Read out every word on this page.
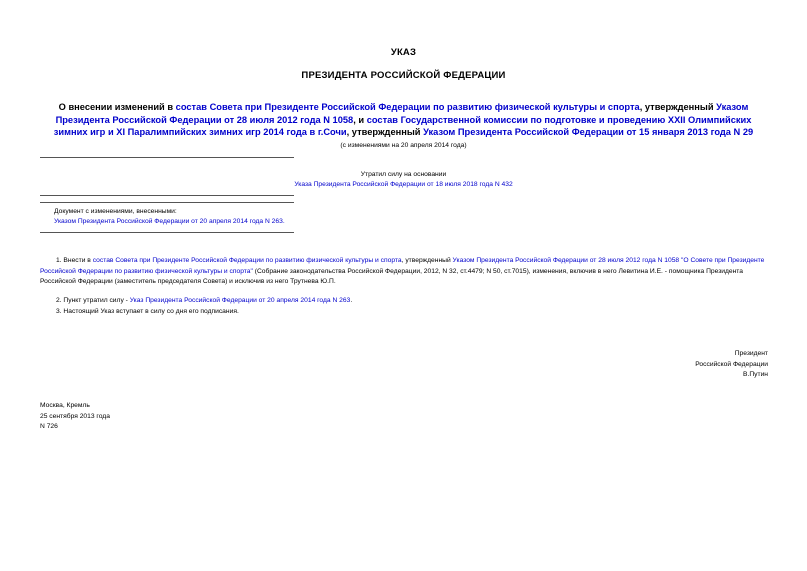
УКАЗ
ПРЕЗИДЕНТА РОССИЙСКОЙ ФЕДЕРАЦИИ
О внесении изменений в состав Совета при Президенте Российской Федерации по развитию физической культуры и спорта, утвержденный Указом Президента Российской Федерации от 28 июля 2012 года N 1058, и состав Государственной комиссии по подготовке и проведению XXII Олимпийских зимних игр и XI Паралимпийских зимних игр 2014 года в г.Сочи, утвержденный Указом Президента Российской Федерации от 15 января 2013 года N 29
(с изменениями на 20 апреля 2014 года)
Утратил силу на основании
Указа Президента Российской Федерации от 18 июля 2018 года N 432
Документ с изменениями, внесенными:
Указом Президента Российской Федерации от 20 апреля 2014 года N 263.
1. Внести в состав Совета при Президенте Российской Федерации по развитию физической культуры и спорта, утвержденный Указом Президента Российской Федерации от 28 июля 2012 года N 1058 "О Совете при Президенте Российской Федерации по развитию физической культуры и спорта" (Собрание законодательства Российской Федерации, 2012, N 32, ст.4479; N 50, ст.7015), изменения, включив в него Левитина И.Е. - помощника Президента Российской Федерации (заместитель председателя Совета) и исключив из него Трутнева Ю.П.
2. Пункт утратил силу - Указ Президента Российской Федерации от 20 апреля 2014 года N 263.
3. Настоящий Указ вступает в силу со дня его подписания.
Президент
Российской Федерации
В.Путин
Москва, Кремль
25 сентября 2013 года
N 726
